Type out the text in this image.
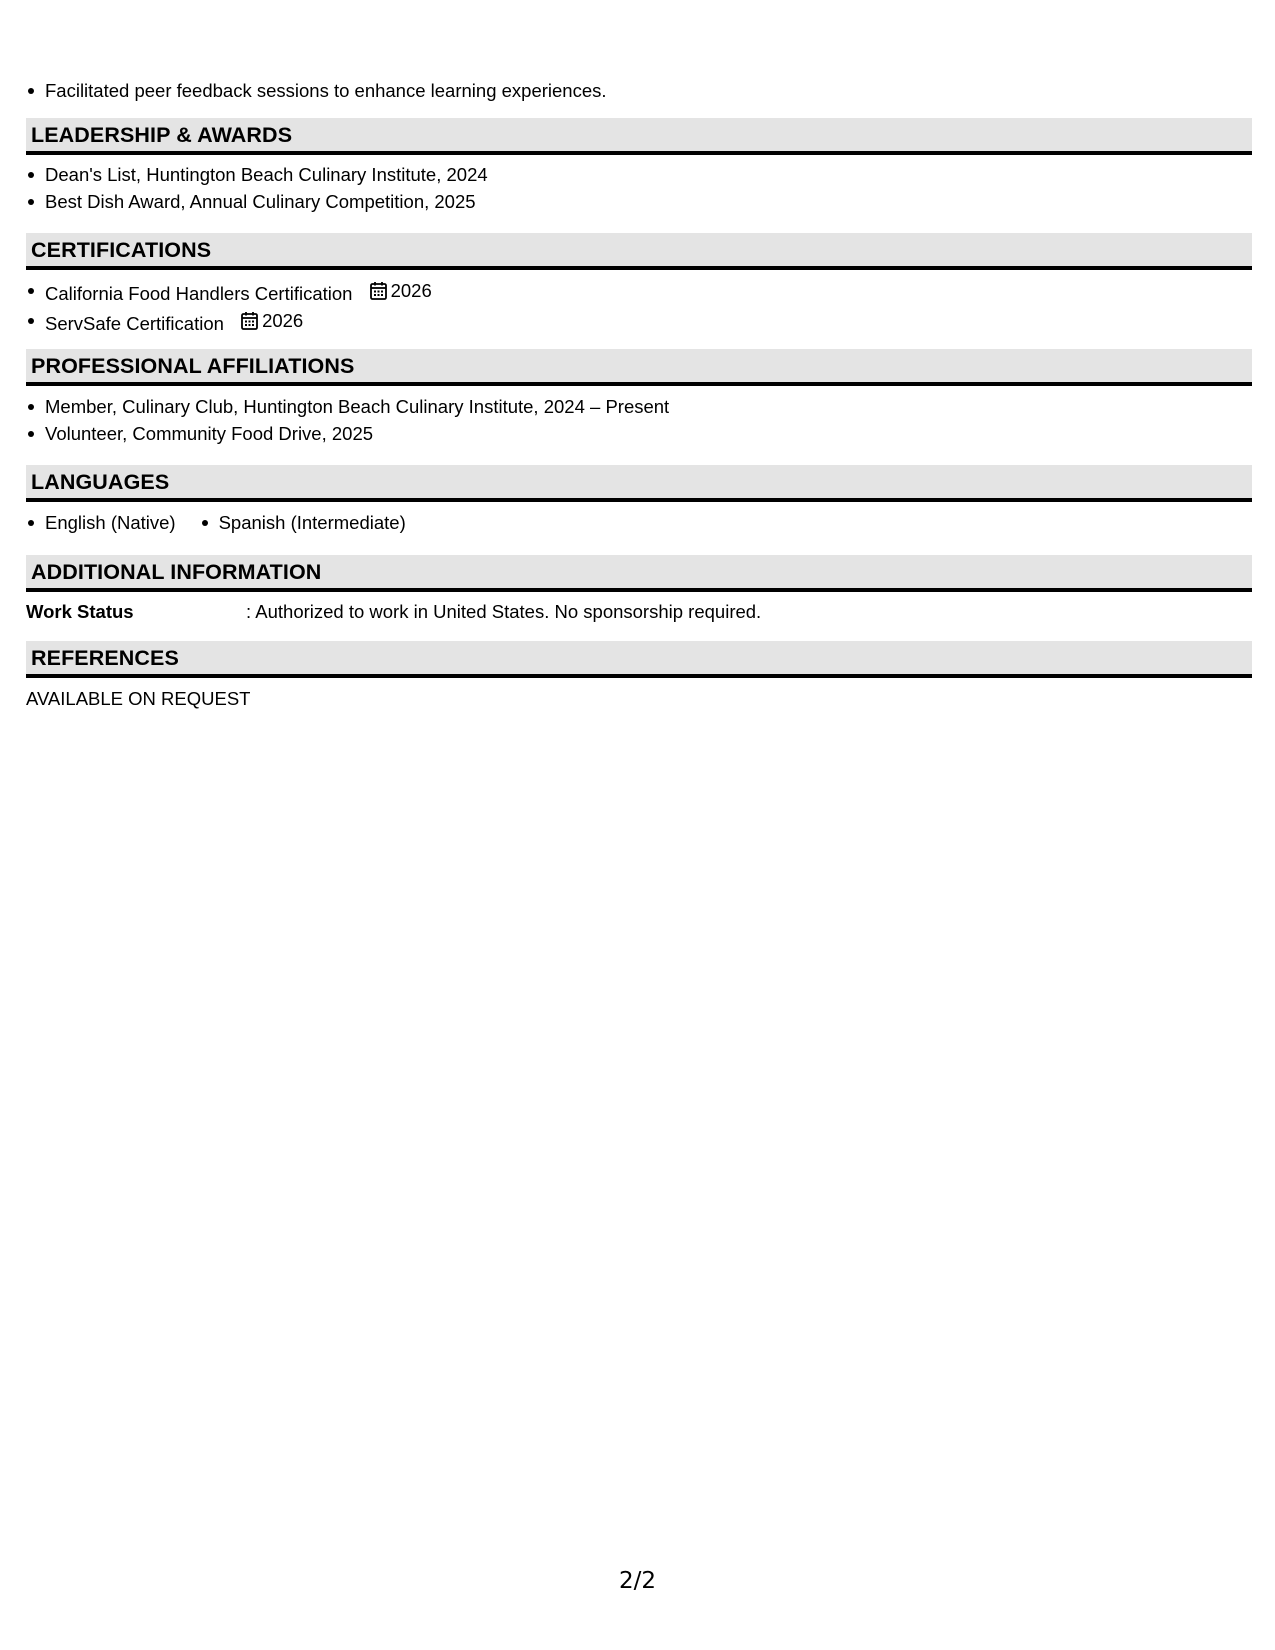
Facilitated peer feedback sessions to enhance learning experiences.
LEADERSHIP & AWARDS
Dean's List, Huntington Beach Culinary Institute, 2024
Best Dish Award, Annual Culinary Competition, 2025
CERTIFICATIONS
California Food Handlers Certification 2026
ServSafe Certification 2026
PROFESSIONAL AFFILIATIONS
Member, Culinary Club, Huntington Beach Culinary Institute, 2024 – Present
Volunteer, Community Food Drive, 2025
LANGUAGES
English (Native)	Spanish (Intermediate)
ADDITIONAL INFORMATION
Work Status	: Authorized to work in United States. No sponsorship required.
REFERENCES
AVAILABLE ON REQUEST
2/2
